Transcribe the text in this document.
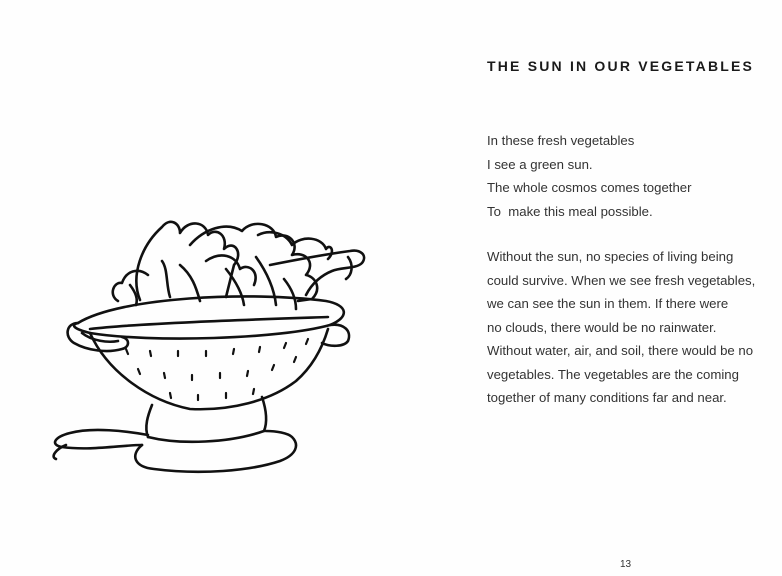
THE SUN IN OUR VEGETABLES
In these fresh vegetables
I see a green sun.
The whole cosmos comes together
To  make this meal possible.
Without the sun, no species of living being
could survive. When we see fresh vegetables,
we can see the sun in them. If there were
no clouds, there would be no rainwater.
Without water, air, and soil, there would be no
vegetables. The vegetables are the coming
together of many conditions far and near.
13
